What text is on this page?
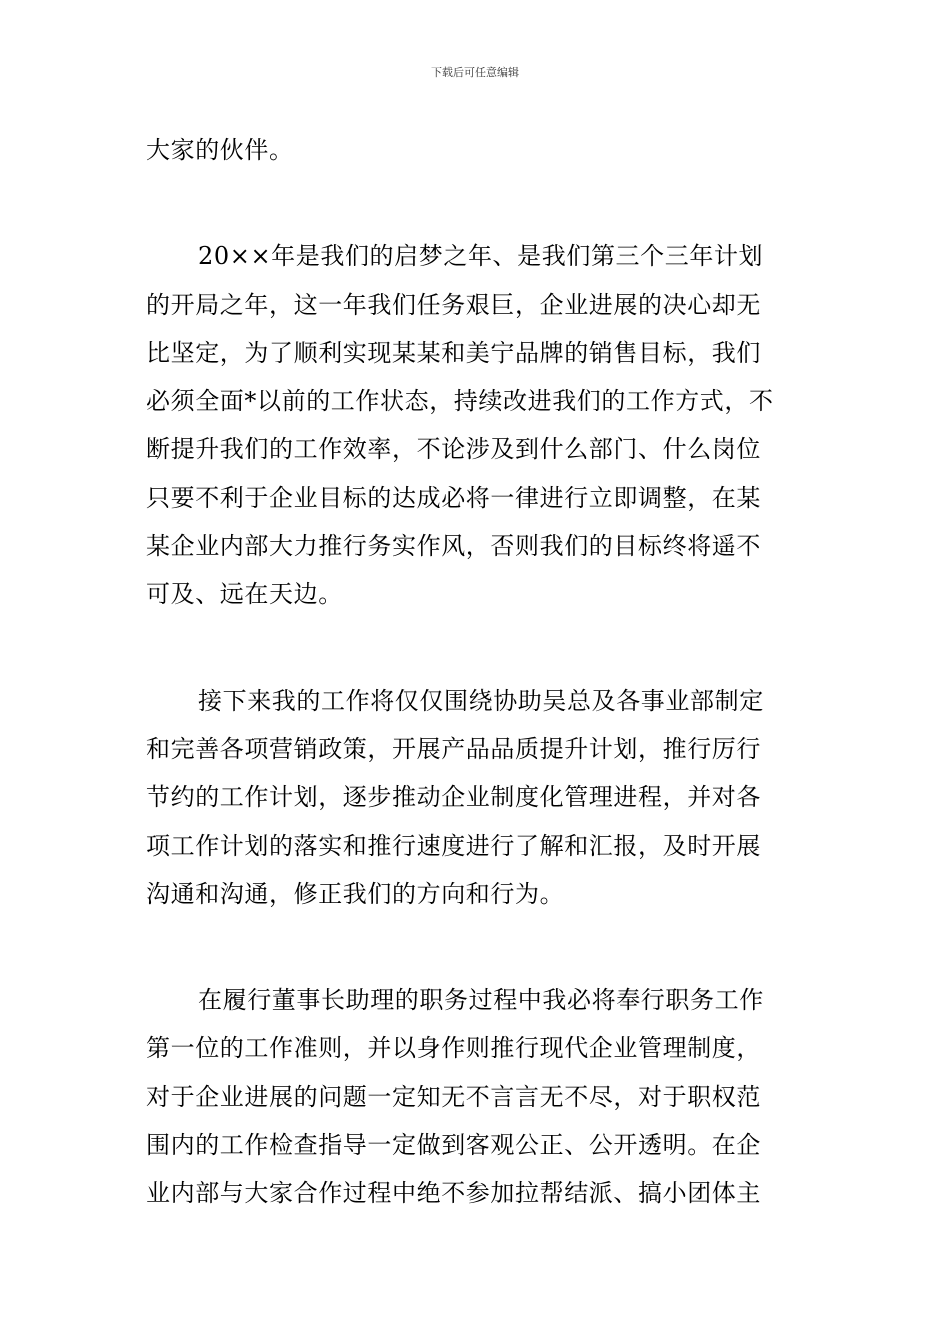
下载后可任意编辑
大家的伙伴。
20××年是我们的启梦之年、是我们第三个三年计划
的开局之年，这一年我们任务艰巨，企业进展的决心却无
比坚定，为了顺利实现某某和美宁品牌的销售目标，我们
必须全面*以前的工作状态，持续改进我们的工作方式，不
断提升我们的工作效率，不论涉及到什么部门、什么岗位
只要不利于企业目标的达成必将一律进行立即调整，在某
某企业内部大力推行务实作风，否则我们的目标终将遥不
可及、远在天边。
接下来我的工作将仅仅围绕协助吴总及各事业部制定
和完善各项营销政策，开展产品品质提升计划，推行厉行
节约的工作计划，逐步推动企业制度化管理进程，并对各
项工作计划的落实和推行速度进行了解和汇报，及时开展
沟通和沟通，修正我们的方向和行为。
在履行董事长助理的职务过程中我必将奉行职务工作
第一位的工作准则，并以身作则推行现代企业管理制度，
对于企业进展的问题一定知无不言言无不尽，对于职权范
围内的工作检查指导一定做到客观公正、公开透明。在企
业内部与大家合作过程中绝不参加拉帮结派、搞小团体主
